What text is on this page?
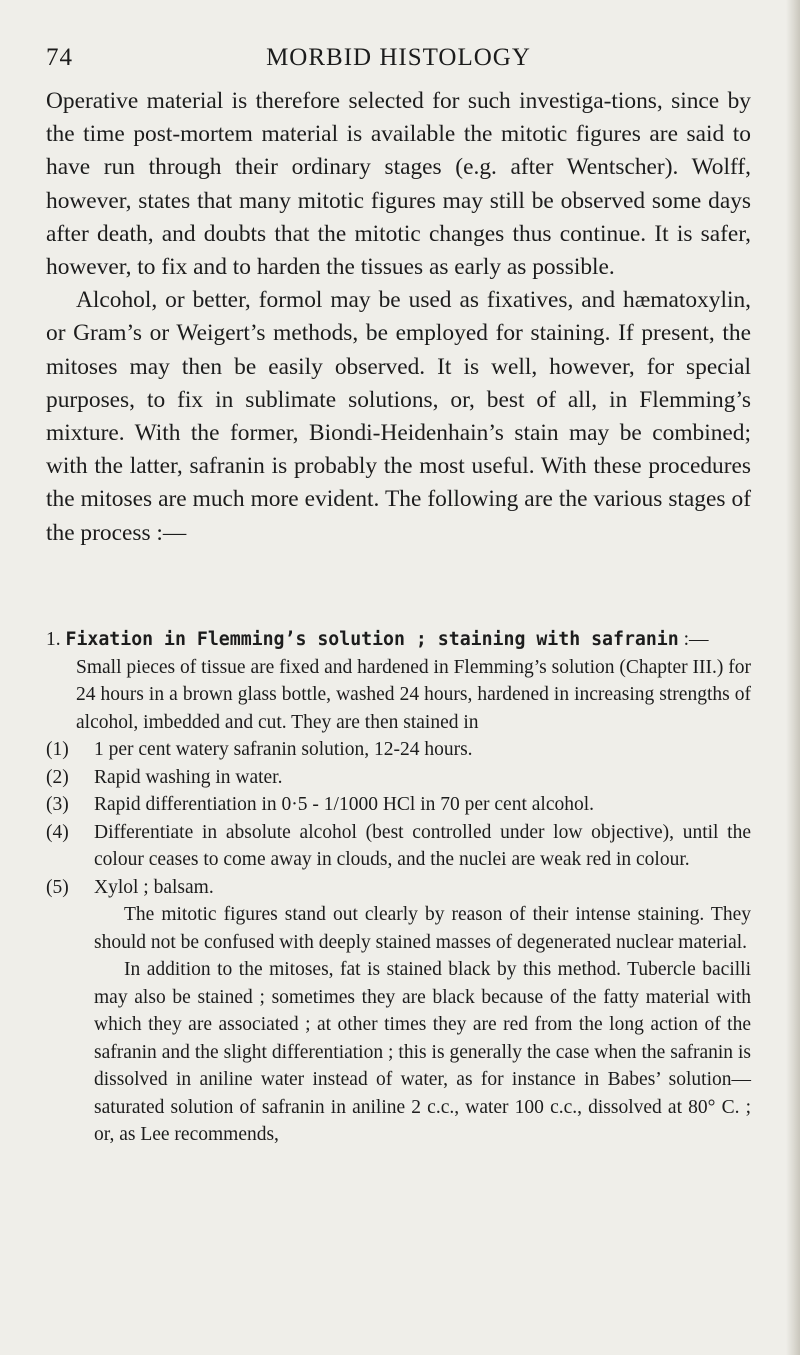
74	MORBID HISTOLOGY

Operative material is therefore selected for such investiga-tions, since by the time post-mortem material is available the mitotic figures are said to have run through their ordinary stages (e.g. after Wentscher). Wolff, however, states that many mitotic figures may still be observed some days after death, and doubts that the mitotic changes thus continue. It is safer, however, to fix and to harden the tissues as early as possible.

Alcohol, or better, formol may be used as fixatives, and hæmatoxylin, or Gram’s or Weigert’s methods, be employed for staining. If present, the mitoses may then be easily observed. It is well, however, for special purposes, to fix in sublimate solutions, or, best of all, in Flemming’s mixture. With the former, Biondi-Heidenhain’s stain may be combined; with the latter, safranin is probably the most useful. With these procedures the mitoses are much more evident. The following are the various stages of the process :—

1. Fixation in Flemming’s solution ; staining with safranin :—

Small pieces of tissue are fixed and hardened in Flemming’s solution (Chapter III.) for 24 hours in a brown glass bottle, washed 24 hours, hardened in increasing strengths of alcohol, imbedded and cut. They are then stained in

(1) 1 per cent watery safranin solution, 12-24 hours.
(2) Rapid washing in water.
(3) Rapid differentiation in 0·5 - 1/1000 HCl in 70 per cent alcohol.
(4) Differentiate in absolute alcohol (best controlled under low objective), until the colour ceases to come away in clouds, and the nuclei are weak red in colour.
(5) Xylol ; balsam.

The mitotic figures stand out clearly by reason of their intense staining. They should not be confused with deeply stained masses of degenerated nuclear material.

In addition to the mitoses, fat is stained black by this method. Tubercle bacilli may also be stained ; sometimes they are black because of the fatty material with which they are associated ; at other times they are red from the long action of the safranin and the slight differentiation ; this is generally the case when the safranin is dissolved in aniline water instead of water, as for instance in Babes’ solution—saturated solution of safranin in aniline 2 c.c., water 100 c.c., dissolved at 80° C. ; or, as Lee recommends,
